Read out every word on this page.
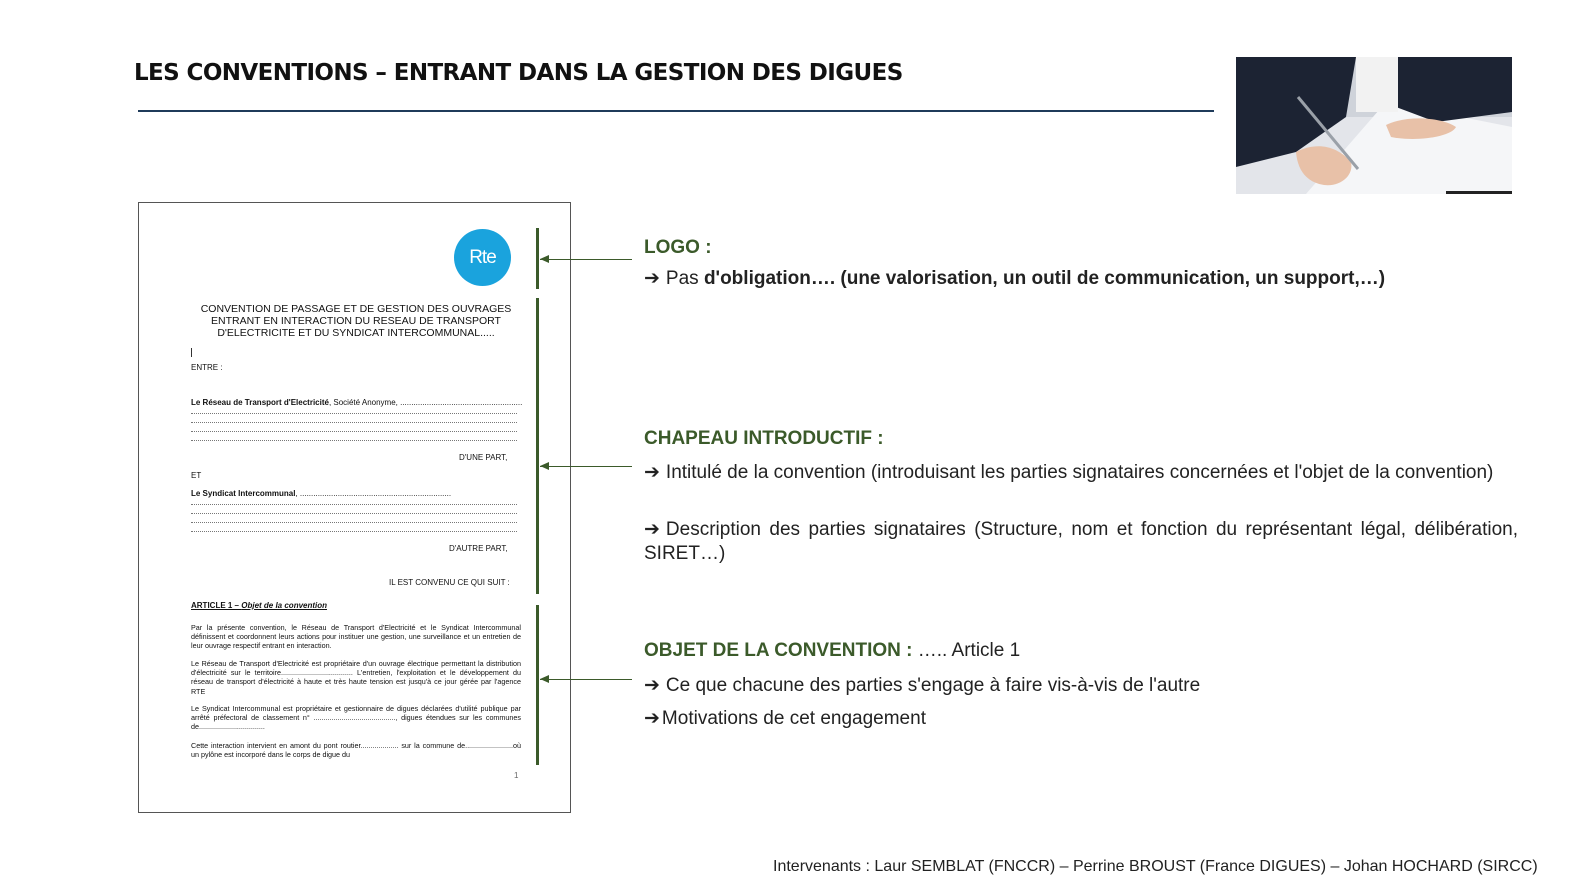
LES CONVENTIONS – ENTRANT DANS LA GESTION DES DIGUES
Rte
CONVENTION DE PASSAGE ET DE GESTION DES OUVRAGES ENTRANT EN INTERACTION DU RESEAU DE TRANSPORT D'ELECTRICITE ET DU SYNDICAT INTERCOMMUNAL.....
ENTRE :
Le Réseau de Transport d'Electricité, Société Anonyme, .......................................................
D'UNE PART,
ET
Le Syndicat Intercommunal, ....................................................................
D'AUTRE PART,
IL EST CONVENU CE QUI SUIT :
ARTICLE 1 – Objet de la convention
Par la présente convention, le Réseau de Transport d'Electricité et le Syndicat Intercommunal définissent et coordonnent leurs actions pour instituer une gestion, une surveillance et un entretien de leur ouvrage respectif entrant en interaction.
Le Réseau de Transport d'Electricité est propriétaire d'un ouvrage électrique permettant la distribution d'électricité sur le territoire.................................... L'entretien, l'exploitation et le développement du réseau de transport d'électricité à haute et très haute tension est jusqu'à ce jour gérée par l'agence RTE
Le Syndicat Intercommunal est propriétaire et gestionnaire de digues déclarées d'utilité publique par arrêté préfectoral de classement n° ........................................., digues étendues sur les communes de.................................
Cette interaction intervient en amont du pont routier................... sur la commune de........................où un pylône est incorporé dans le corps de digue du
1
LOGO :
➔ Pas d'obligation…. (une valorisation, un outil de communication, un support,…)
CHAPEAU INTRODUCTIF :
➔ Intitulé de la convention (introduisant les parties signataires concernées et l'objet de la convention)
➔ Description des parties signataires (Structure, nom et fonction du représentant légal, délibération, SIRET…)
OBJET DE LA CONVENTION : ….. Article 1
➔ Ce que chacune des parties s'engage à faire vis-à-vis de l'autre
➔ Motivations de cet engagement
Intervenants : Laur SEMBLAT (FNCCR) – Perrine BROUST (France DIGUES) – Johan HOCHARD (SIRCC)
